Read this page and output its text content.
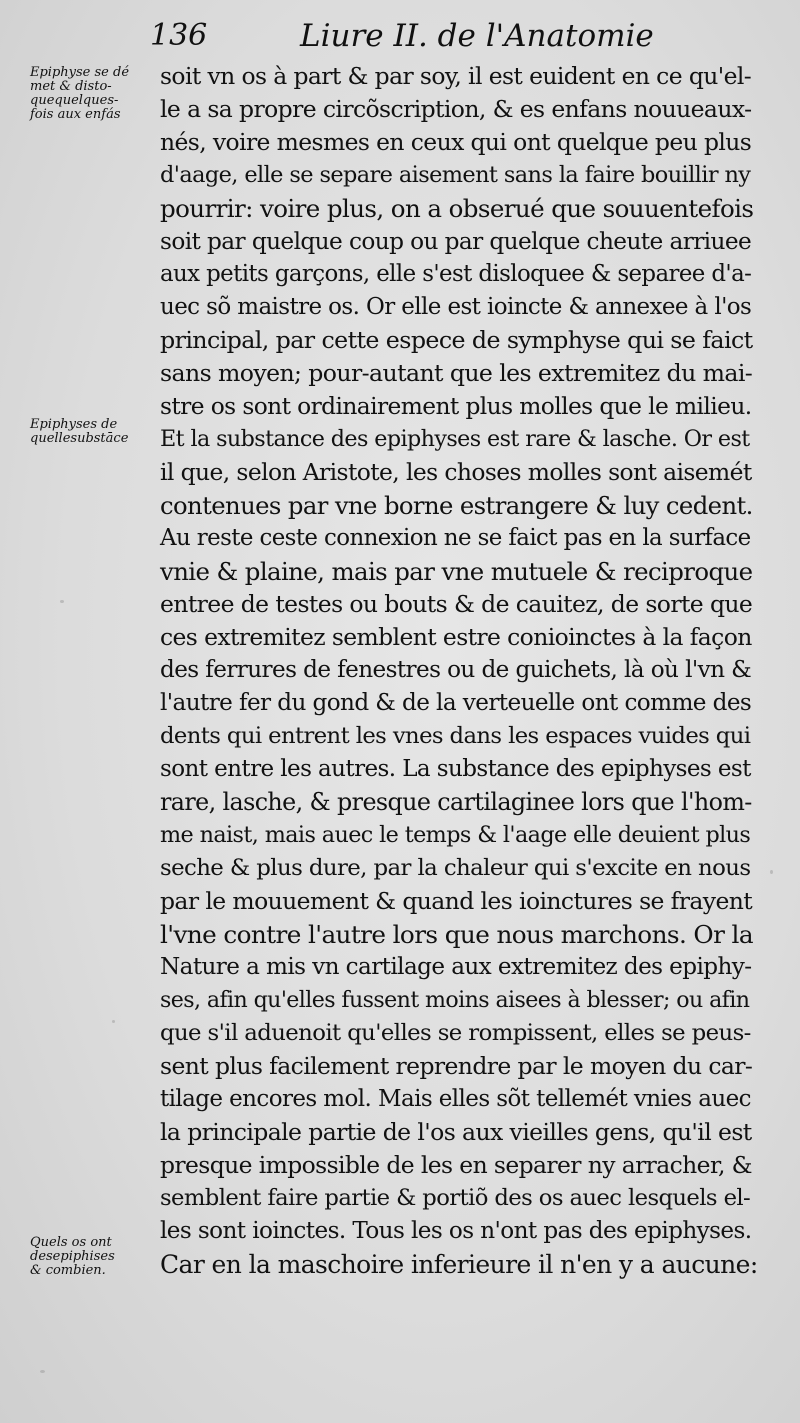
136	Liure II. de l'Anatomie
Epiphyse se dé
met & disto-
quequelques-
fois aux enfás
Epiphyses de
quellesubstāce
Quels os ont
desepiphises
& combien.
soit vn os à part & par soy, il est euident en ce qu'el-
le a sa propre circõscription, & es enfans nouueaux-
nés, voire mesmes en ceux qui ont quelque peu plus
d'aage, elle se separe aisement sans la faire bouillir ny
pourrir: voire plus, on a obserué que souuentefois
soit par quelque coup ou par quelque cheute arriuee
aux petits garçons, elle s'est disloquee & separee d'a-
uec sõ maistre os. Or elle est ioincte & annexee à l'os
principal, par cette espece de symphyse qui se faict
sans moyen; pour-autant que les extremitez du mai-
stre os sont ordinairement plus molles que le milieu.
Et la substance des epiphyses est rare & lasche. Or est
il que, selon Aristote, les choses molles sont aisemét
contenues par vne borne estrangere & luy cedent.
Au reste ceste connexion ne se faict pas en la surface
vnie & plaine, mais par vne mutuele & reciproque
entree de testes ou bouts & de cauitez, de sorte que
ces extremitez semblent estre conioinctes à la façon
des ferrures de fenestres ou de guichets, là où l'vn &
l'autre fer du gond & de la verteuelle ont comme des
dents qui entrent les vnes dans les espaces vuides qui
sont entre les autres. La substance des epiphyses est
rare, lasche, & presque cartilaginee lors que l'hom-
me naist, mais auec le temps & l'aage elle deuient plus
seche & plus dure, par la chaleur qui s'excite en nous
par le mouuement & quand les ioinctures se frayent
l'vne contre l'autre lors que nous marchons. Or la
Nature a mis vn cartilage aux extremitez des epiphy-
ses, afin qu'elles fussent moins aisees à blesser; ou afin
que s'il aduenoit qu'elles se rompissent, elles se peus-
sent plus facilement reprendre par le moyen du car-
tilage encores mol. Mais elles sõt tellemét vnies auec
la principale partie de l'os aux vieilles gens, qu'il est
presque impossible de les en separer ny arracher, &
semblent faire partie & portiõ des os auec lesquels el-
les sont ioinctes. Tous les os n'ont pas des epiphyses.
Car en la maschoire inferieure il n'en y a aucune:
